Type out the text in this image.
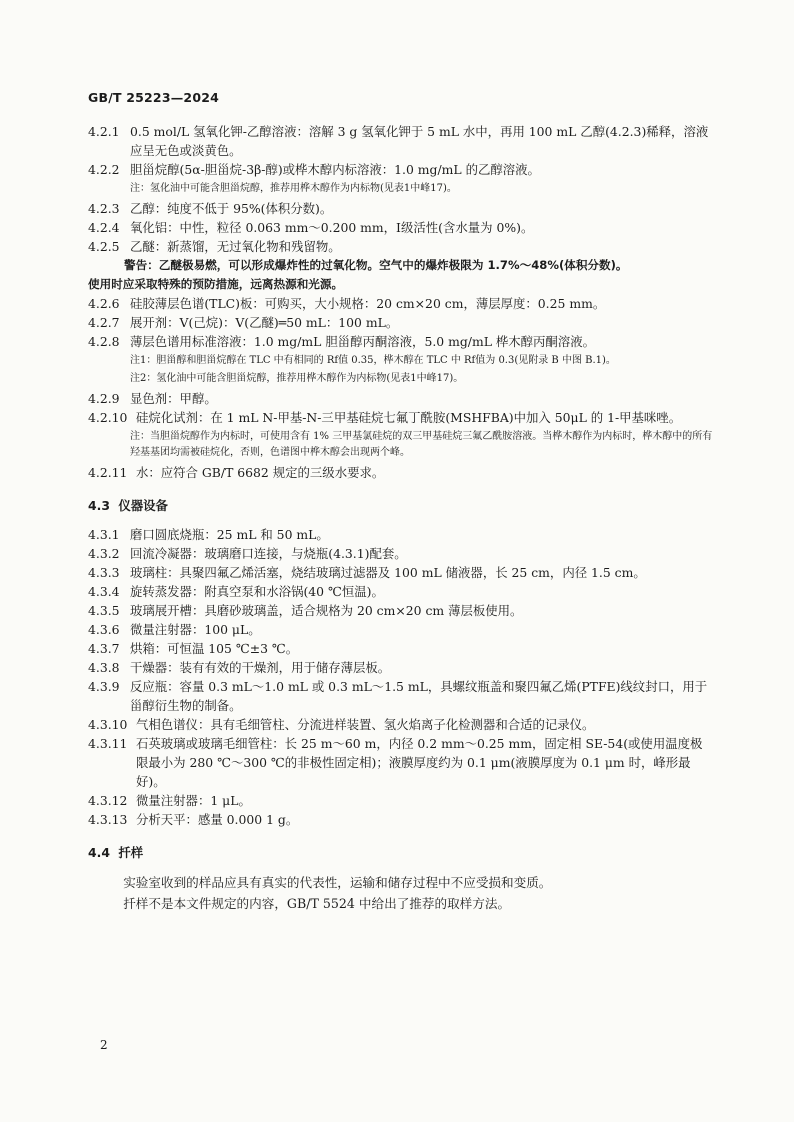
GB/T 25223—2024
4.2.1 0.5 mol/L 氢氧化钾-乙醇溶液：溶解 3 g 氢氧化钾于 5 mL 水中，再用 100 mL 乙醇(4.2.3)稀释，溶液应呈无色或淡黄色。
4.2.2 胆甾烷醇(5α-胆甾烷-3β-醇)或桦木醇内标溶液：1.0 mg/mL 的乙醇溶液。
注：氢化油中可能含胆甾烷醇，推荐用桦木醇作为内标物(见表1中峰17)。
4.2.3 乙醇：纯度不低于 95%(体积分数)。
4.2.4 氧化铝：中性，粒径 0.063 mm～0.200 mm，Ⅰ级活性(含水量为 0%)。
4.2.5 乙醚：新蒸馏，无过氧化物和残留物。
警告：乙醚极易燃，可以形成爆炸性的过氧化物。空气中的爆炸极限为 1.7%～48%(体积分数)。
使用时应采取特殊的预防措施，远离热源和光源。
4.2.6 硅胶薄层色谱(TLC)板：可购买，大小规格：20 cm×20 cm，薄层厚度：0.25 mm。
4.2.7 展开剂：V(己烷)：V(乙醚)═50 mL：100 mL。
4.2.8 薄层色谱用标准溶液：1.0 mg/mL 胆甾醇丙酮溶液，5.0 mg/mL 桦木醇丙酮溶液。
注1：胆甾醇和胆甾烷醇在 TLC 中有相同的 Rf值 0.35，桦木醇在 TLC 中 Rf值为 0.3(见附录 B 中图 B.1)。
注2：氢化油中可能含胆甾烷醇，推荐用桦木醇作为内标物(见表1中峰17)。
4.2.9 显色剂：甲醇。
4.2.10 硅烷化试剂：在 1 mL N-甲基-N-三甲基硅烷七氟丁酰胺(MSHFBA)中加入 50μL 的 1-甲基咪唑。
注：当胆甾烷醇作为内标时，可使用含有 1% 三甲基氯硅烷的双三甲基硅烷三氟乙酰胺溶液。当桦木醇作为内标时，桦木醇中的所有羟基基团均需被硅烷化，否则，色谱图中桦木醇会出现两个峰。
4.2.11 水：应符合 GB/T 6682 规定的三级水要求。
4.3 仪器设备
4.3.1 磨口圆底烧瓶：25 mL 和 50 mL。
4.3.2 回流冷凝器：玻璃磨口连接，与烧瓶(4.3.1)配套。
4.3.3 玻璃柱：具聚四氟乙烯活塞，烧结玻璃过滤器及 100 mL 储液器，长 25 cm，内径 1.5 cm。
4.3.4 旋转蒸发器：附真空泵和水浴锅(40 ℃恒温)。
4.3.5 玻璃展开槽：具磨砂玻璃盖，适合规格为 20 cm×20 cm 薄层板使用。
4.3.6 微量注射器：100 μL。
4.3.7 烘箱：可恒温 105 ℃±3 ℃。
4.3.8 干燥器：装有有效的干燥剂，用于储存薄层板。
4.3.9 反应瓶：容量 0.3 mL～1.0 mL 或 0.3 mL～1.5 mL，具螺纹瓶盖和聚四氟乙烯(PTFE)线纹封口，用于甾醇衍生物的制备。
4.3.10 气相色谱仪：具有毛细管柱、分流进样装置、氢火焰离子化检测器和合适的记录仪。
4.3.11 石英玻璃或玻璃毛细管柱：长 25 m～60 m，内径 0.2 mm～0.25 mm，固定相 SE-54(或使用温度极限最小为 280 ℃～300 ℃的非极性固定相)；液膜厚度约为 0.1 μm(液膜厚度为 0.1 μm 时，峰形最好)。
4.3.12 微量注射器：1 μL。
4.3.13 分析天平：感量 0.000 1 g。
4.4 扦样
实验室收到的样品应具有真实的代表性，运输和储存过程中不应受损和变质。
扦样不是本文件规定的内容，GB/T 5524 中给出了推荐的取样方法。
2
